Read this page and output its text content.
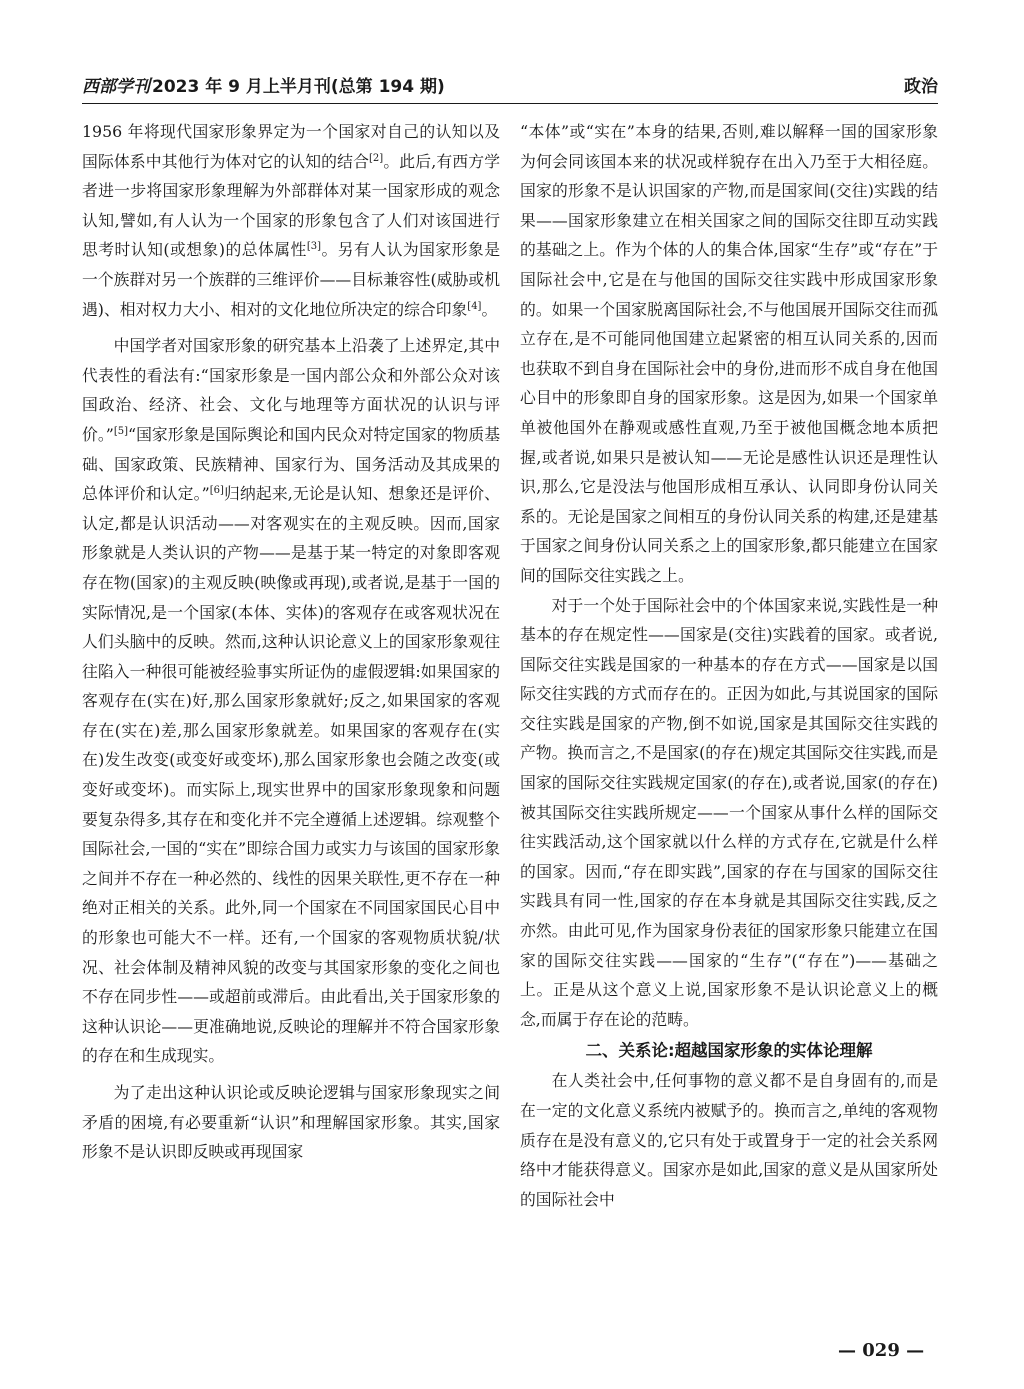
西部学刊 2023 年 9 月上半月刊(总第 194 期)	政治

1956 年将现代国家形象界定为一个国家对自己的认知以及国际体系中其他行为体对它的认知的结合[2]。此后,有西方学者进一步将国家形象理解为外部群体对某一国家形成的观念认知,譬如,有人认为一个国家的形象包含了人们对该国进行思考时认知(或想象)的总体属性[3]。另有人认为国家形象是一个族群对另一个族群的三维评价——目标兼容性(威胁或机遇)、相对权力大小、相对的文化地位所决定的综合印象[4]。

中国学者对国家形象的研究基本上沿袭了上述界定,其中代表性的看法有:“国家形象是一国内部公众和外部公众对该国政治、经济、社会、文化与地理等方面状况的认识与评价。”[5]“国家形象是国际舆论和国内民众对特定国家的物质基础、国家政策、民族精神、国家行为、国务活动及其成果的总体评价和认定。”[6]归纳起来,无论是认知、想象还是评价、认定,都是认识活动——对客观实在的主观反映。因而,国家形象就是人类认识的产物——是基于某一特定的对象即客观存在物(国家)的主观反映(映像或再现),或者说,是基于一国的实际情况,是一个国家(本体、实体)的客观存在或客观状况在人们头脑中的反映。然而,这种认识论意义上的国家形象观往往陷入一种很可能被经验事实所证伪的虚假逻辑:如果国家的客观存在(实在)好,那么国家形象就好;反之,如果国家的客观存在(实在)差,那么国家形象就差。如果国家的客观存在(实在)发生改变(或变好或变坏),那么国家形象也会随之改变(或变好或变坏)。而实际上,现实世界中的国家形象现象和问题要复杂得多,其存在和变化并不完全遵循上述逻辑。综观整个国际社会,一国的“实在”即综合国力或实力与该国的国家形象之间并不存在一种必然的、线性的因果关联性,更不存在一种绝对正相关的关系。此外,同一个国家在不同国家国民心目中的形象也可能大不一样。还有,一个国家的客观物质状貌/状况、社会体制及精神风貌的改变与其国家形象的变化之间也不存在同步性——或超前或滞后。由此看出,关于国家形象的这种认识论——更准确地说,反映论的理解并不符合国家形象的存在和生成现实。

为了走出这种认识论或反映论逻辑与国家形象现实之间矛盾的困境,有必要重新“认识”和理解国家形象。其实,国家形象不是认识即反映或再现国家

“本体”或“实在”本身的结果,否则,难以解释一国的国家形象为何会同该国本来的状况或样貌存在出入乃至于大相径庭。国家的形象不是认识国家的产物,而是国家间(交往)实践的结果——国家形象建立在相关国家之间的国际交往即互动实践的基础之上。作为个体的人的集合体,国家“生存”或“存在”于国际社会中,它是在与他国的国际交往实践中形成国家形象的。如果一个国家脱离国际社会,不与他国展开国际交往而孤立存在,是不可能同他国建立起紧密的相互认同关系的,因而也获取不到自身在国际社会中的身份,进而形不成自身在他国心目中的形象即自身的国家形象。这是因为,如果一个国家单单被他国外在静观或感性直观,乃至于被他国概念地本质把握,或者说,如果只是被认知——无论是感性认识还是理性认识,那么,它是没法与他国形成相互承认、认同即身份认同关系的。无论是国家之间相互的身份认同关系的构建,还是建基于国家之间身份认同关系之上的国家形象,都只能建立在国家间的国际交往实践之上。

对于一个处于国际社会中的个体国家来说,实践性是一种基本的存在规定性——国家是(交往)实践着的国家。或者说,国际交往实践是国家的一种基本的存在方式——国家是以国际交往实践的方式而存在的。正因为如此,与其说国家的国际交往实践是国家的产物,倒不如说,国家是其国际交往实践的产物。换而言之,不是国家(的存在)规定其国际交往实践,而是国家的国际交往实践规定国家(的存在),或者说,国家(的存在)被其国际交往实践所规定——一个国家从事什么样的国际交往实践活动,这个国家就以什么样的方式存在,它就是什么样的国家。因而,“存在即实践”,国家的存在与国家的国际交往实践具有同一性,国家的存在本身就是其国际交往实践,反之亦然。由此可见,作为国家身份表征的国家形象只能建立在国家的国际交往实践——国家的“生存”(“存在”)——基础之上。正是从这个意义上说,国家形象不是认识论意义上的概念,而属于存在论的范畴。

二、关系论:超越国家形象的实体论理解

在人类社会中,任何事物的意义都不是自身固有的,而是在一定的文化意义系统内被赋予的。换而言之,单纯的客观物质存在是没有意义的,它只有处于或置身于一定的社会关系网络中才能获得意义。国家亦是如此,国家的意义是从国家所处的国际社会中

— 029 —
